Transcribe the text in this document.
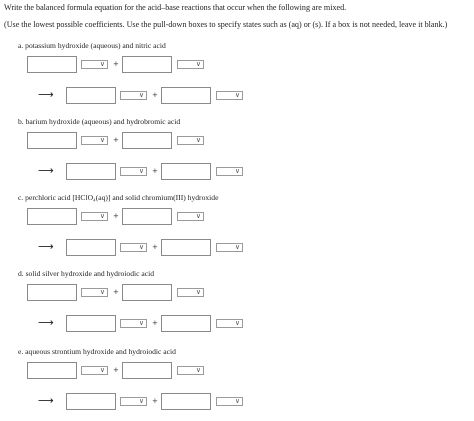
Write the balanced formula equation for the acid–base reactions that occur when the following are mixed.
(Use the lowest possible coefficients. Use the pull-down boxes to specify states such as (aq) or (s). If a box is not needed, leave it blank.)
a. potassium hydroxide (aqueous) and nitric acid
∨ +	∨
⟶	∨ +	∨
b. barium hydroxide (aqueous) and hydrobromic acid
∨ +	∨
⟶	∨ +	∨
c. perchloric acid [HClO₄(aq)] and solid chromium(III) hydroxide
∨ +	∨
⟶	∨ +	∨
d. solid silver hydroxide and hydroiodic acid
∨ +	∨
⟶	∨ +	∨
e. aqueous strontium hydroxide and hydroiodic acid
∨ +	∨
⟶	∨ +	∨
